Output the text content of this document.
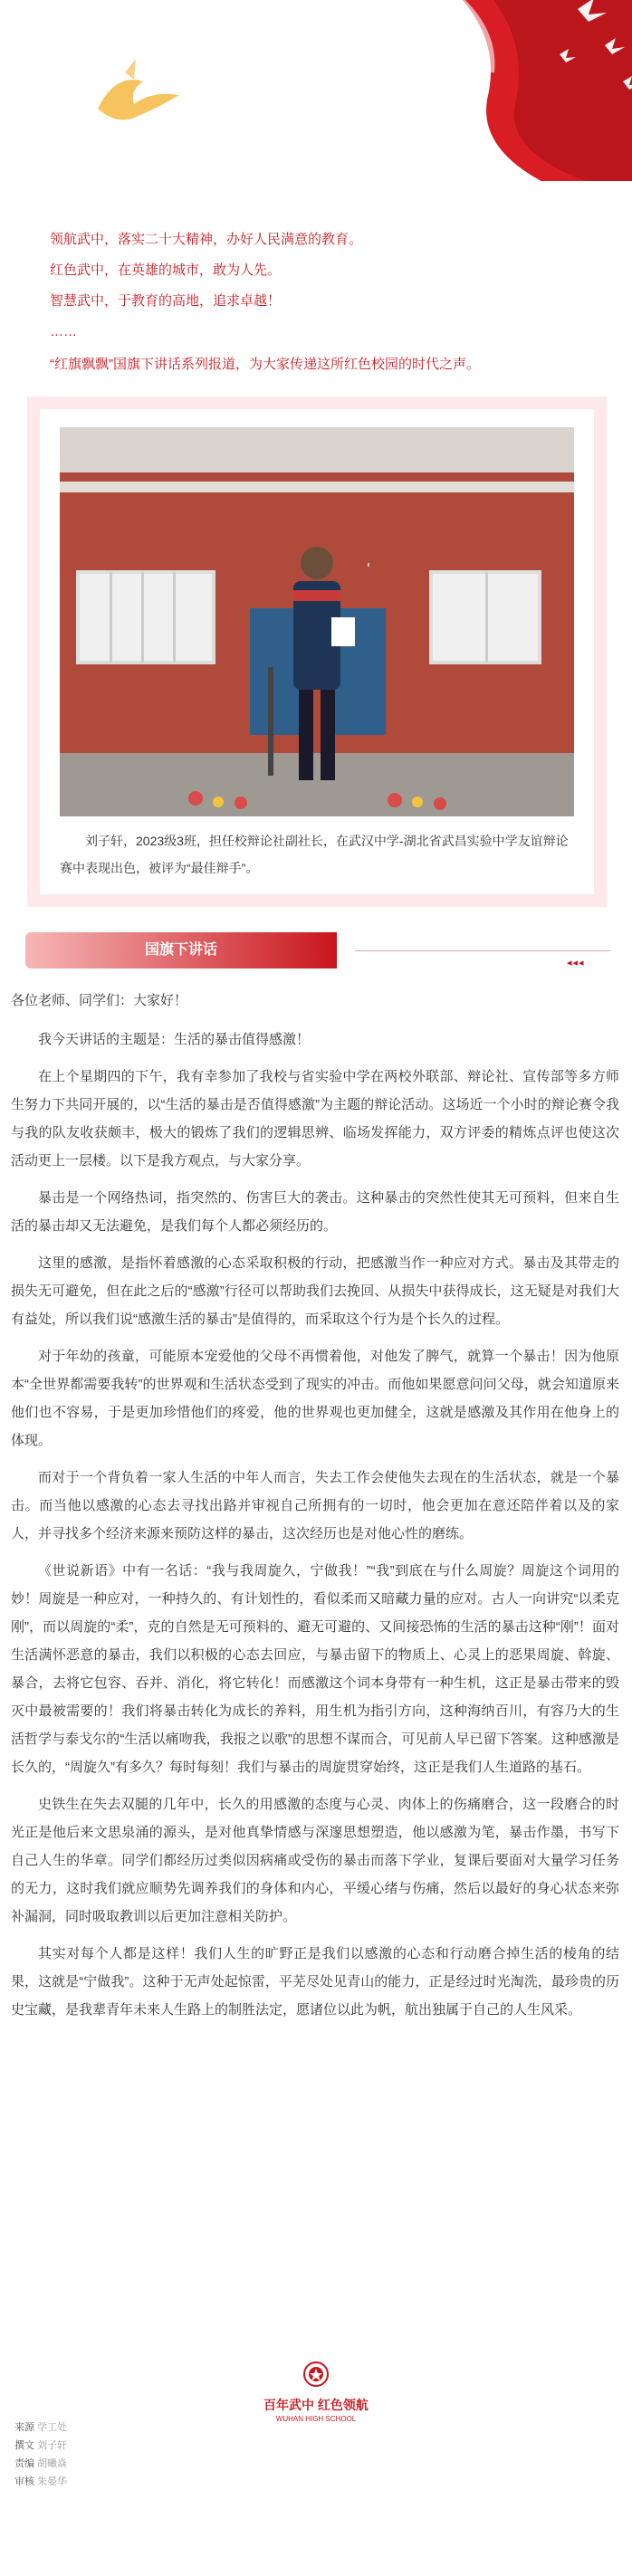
领航武中，落实二十大精神，办好人民满意的教育。
红色武中，在英雄的城市，敢为人先。
智慧武中，于教育的高地，追求卓越！
……
“红旗飘飘”国旗下讲话系列报道，为大家传递这所红色校园的时代之声。
刘子轩，2023级3班，担任校辩论社副社长，在武汉中学-湖北省武昌实验中学友谊辩论赛中表现出色，被评为“最佳辩手”。
国旗下讲话
◂◂◂

各位老师、同学们：大家好！

我今天讲话的主题是：生活的暴击值得感激！

在上个星期四的下午，我有幸参加了我校与省实验中学在两校外联部、辩论社、宣传部等多方师生努力下共同开展的，以“生活的暴击是否值得感激”为主题的辩论活动。这场近一个小时的辩论赛令我与我的队友收获颇丰，极大的锻炼了我们的逻辑思辨、临场发挥能力，双方评委的精炼点评也使这次活动更上一层楼。以下是我方观点，与大家分享。

暴击是一个网络热词，指突然的、伤害巨大的袭击。这种暴击的突然性使其无可预料，但来自生活的暴击却又无法避免，是我们每个人都必须经历的。

这里的感激，是指怀着感激的心态采取积极的行动，把感激当作一种应对方式。暴击及其带走的损失无可避免，但在此之后的“感激”行径可以帮助我们去挽回、从损失中获得成长，这无疑是对我们大有益处，所以我们说“感激生活的暴击”是值得的，而采取这个行为是个长久的过程。

对于年幼的孩童，可能原本宠爱他的父母不再惯着他，对他发了脾气，就算一个暴击！因为他原本“全世界都需要我转”的世界观和生活状态受到了现实的冲击。而他如果愿意问问父母，就会知道原来他们也不容易，于是更加珍惜他们的疼爱，他的世界观也更加健全，这就是感激及其作用在他身上的体现。

而对于一个背负着一家人生活的中年人而言，失去工作会使他失去现在的生活状态，就是一个暴击。而当他以感激的心态去寻找出路并审视自己所拥有的一切时，他会更加在意还陪伴着以及的家人，并寻找多个经济来源来预防这样的暴击，这次经历也是对他心性的磨练。

《世说新语》中有一名话：“我与我周旋久，宁做我！”“我”到底在与什么周旋？周旋这个词用的妙！周旋是一种应对，一种持久的、有计划性的，看似柔而又暗藏力量的应对。古人一向讲究“以柔克刚”，而以周旋的“柔”，克的自然是无可预料的、避无可避的、又间接恐怖的生活的暴击这种“刚”！面对生活满怀恶意的暴击，我们以积极的心态去回应，与暴击留下的物质上、心灵上的恶果周旋、斡旋、暴合，去将它包容、吞并、消化，将它转化！而感激这个词本身带有一种生机，这正是暴击带来的毁灭中最被需要的！我们将暴击转化为成长的养料，用生机为指引方向，这种海纳百川，有容乃大的生活哲学与泰戈尔的“生活以痛吻我，我报之以歌”的思想不谋而合，可见前人早已留下答案。这种感激是长久的，“周旋久”有多久？每时每刻！我们与暴击的周旋贯穿始终，这正是我们人生道路的基石。

史铁生在失去双腿的几年中，长久的用感激的态度与心灵、肉体上的伤痛磨合，这一段磨合的时光正是他后来文思泉涌的源头，是对他真挚情感与深邃思想塑造，他以感激为笔，暴击作墨，书写下自己人生的华章。同学们都经历过类似因病痛或受伤的暴击而落下学业，复课后要面对大量学习任务的无力，这时我们就应顺势先调养我们的身体和内心，平缓心绪与伤痛，然后以最好的身心状态来弥补漏洞，同时吸取教训以后更加注意相关防护。

其实对每个人都是这样！我们人生的旷野正是我们以感激的心态和行动磨合掉生活的棱角的结果，这就是“宁做我”。这种于无声处起惊雷，平芜尽处见青山的能力，正是经过时光淘洗，最珍贵的历史宝藏，是我辈青年未来人生路上的制胜法定，愿诸位以此为帆，航出独属于自己的人生风采。

百年武中 红色领航
WUHAN HIGH SCHOOL
来源 学工处
撰文 刘子轩
责编 胡曦焱
审核 朱晏华
